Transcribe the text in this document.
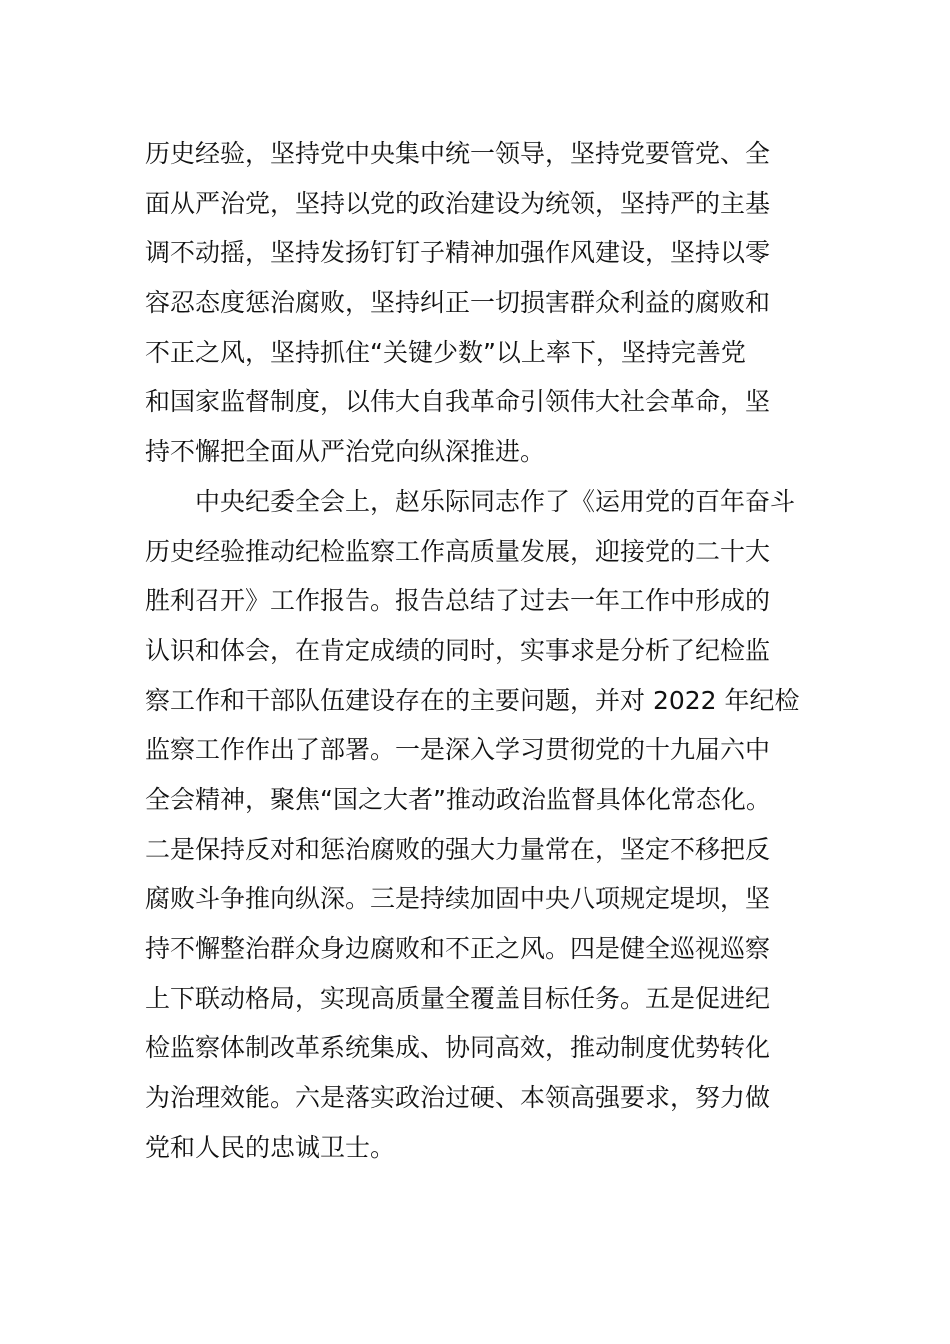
历史经验，坚持党中央集中统一领导，坚持党要管党、全
面从严治党，坚持以党的政治建设为统领，坚持严的主基
调不动摇，坚持发扬钉钉子精神加强作风建设，坚持以零
容忍态度惩治腐败，坚持纠正一切损害群众利益的腐败和
不正之风，坚持抓住“关键少数”以上率下，坚持完善党
和国家监督制度，以伟大自我革命引领伟大社会革命，坚
持不懈把全面从严治党向纵深推进。
　　中央纪委全会上，赵乐际同志作了《运用党的百年奋斗
历史经验推动纪检监察工作高质量发展，迎接党的二十大
胜利召开》工作报告。报告总结了过去一年工作中形成的
认识和体会，在肯定成绩的同时，实事求是分析了纪检监
察工作和干部队伍建设存在的主要问题，并对 2022 年纪检
监察工作作出了部署。一是深入学习贯彻党的十九届六中
全会精神，聚焦“国之大者”推动政治监督具体化常态化。
二是保持反对和惩治腐败的强大力量常在，坚定不移把反
腐败斗争推向纵深。三是持续加固中央八项规定堤坝，坚
持不懈整治群众身边腐败和不正之风。四是健全巡视巡察
上下联动格局，实现高质量全覆盖目标任务。五是促进纪
检监察体制改革系统集成、协同高效，推动制度优势转化
为治理效能。六是落实政治过硬、本领高强要求，努力做
党和人民的忠诚卫士。
